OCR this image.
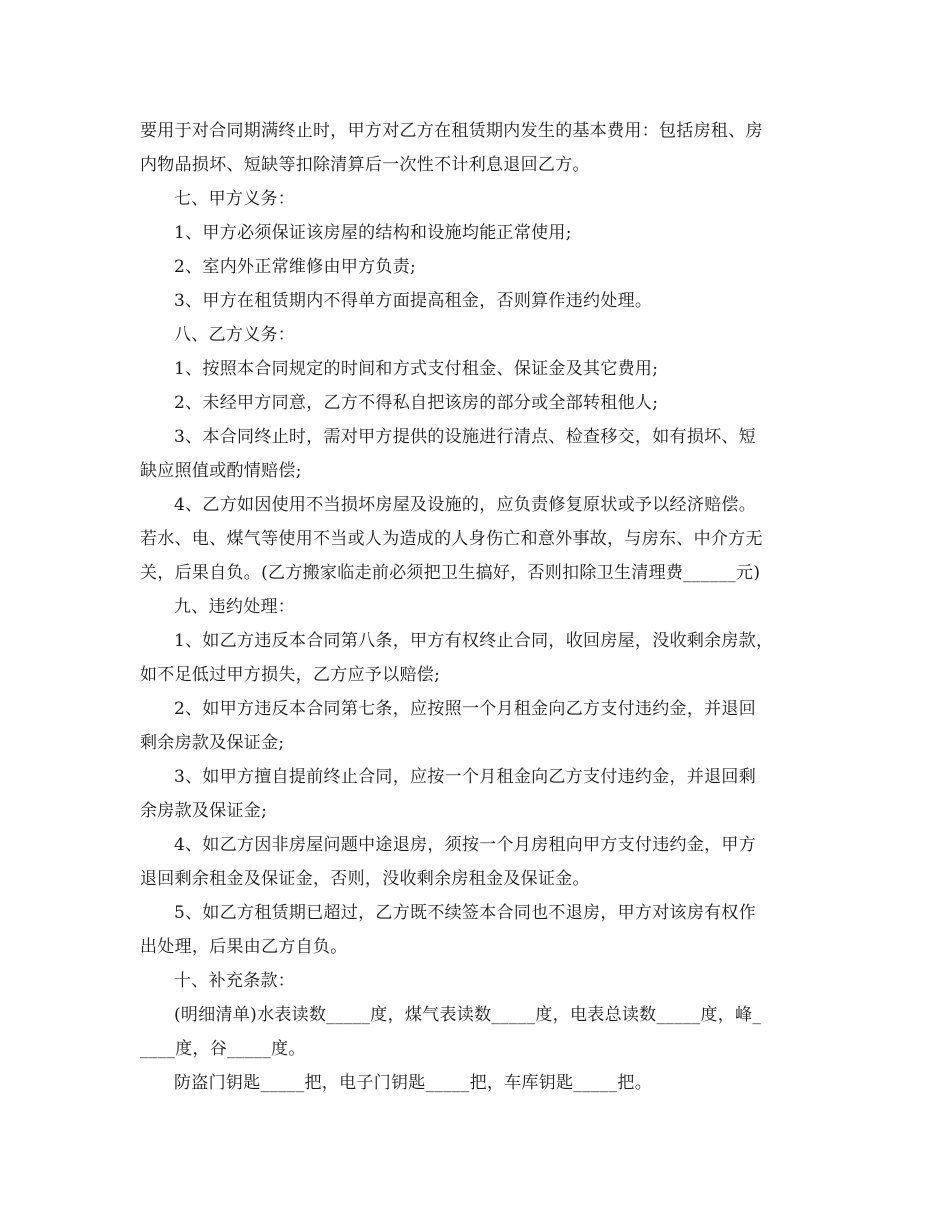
要用于对合同期满终止时，甲方对乙方在租赁期内发生的基本费用：包括房租、房
内物品损坏、短缺等扣除清算后一次性不计利息退回乙方。
七、甲方义务：
1、甲方必须保证该房屋的结构和设施均能正常使用;
2、室内外正常维修由甲方负责;
3、甲方在租赁期内不得单方面提高租金，否则算作违约处理。
八、乙方义务：
1、按照本合同规定的时间和方式支付租金、保证金及其它费用;
2、未经甲方同意，乙方不得私自把该房的部分或全部转租他人;
3、本合同终止时，需对甲方提供的设施进行清点、检查移交，如有损坏、短
缺应照值或酌情赔偿;
4、乙方如因使用不当损坏房屋及设施的，应负责修复原状或予以经济赔偿。
若水、电、煤气等使用不当或人为造成的人身伤亡和意外事故，与房东、中介方无
关，后果自负。(乙方搬家临走前必须把卫生搞好，否则扣除卫生清理费______元)
九、违约处理：
1、如乙方违反本合同第八条，甲方有权终止合同，收回房屋，没收剩余房款，
如不足低过甲方损失，乙方应予以赔偿;
2、如甲方违反本合同第七条，应按照一个月租金向乙方支付违约金，并退回
剩余房款及保证金;
3、如甲方擅自提前终止合同，应按一个月租金向乙方支付违约金，并退回剩
余房款及保证金;
4、如乙方因非房屋问题中途退房，须按一个月房租向甲方支付违约金，甲方
退回剩余租金及保证金，否则，没收剩余房租金及保证金。
5、如乙方租赁期已超过，乙方既不续签本合同也不退房，甲方对该房有权作
出处理，后果由乙方自负。
十、补充条款：
(明细清单)水表读数_____度，煤气表读数_____度，电表总读数_____度，峰_
____度，谷_____度。
防盗门钥匙_____把，电子门钥匙_____把，车库钥匙_____把。
